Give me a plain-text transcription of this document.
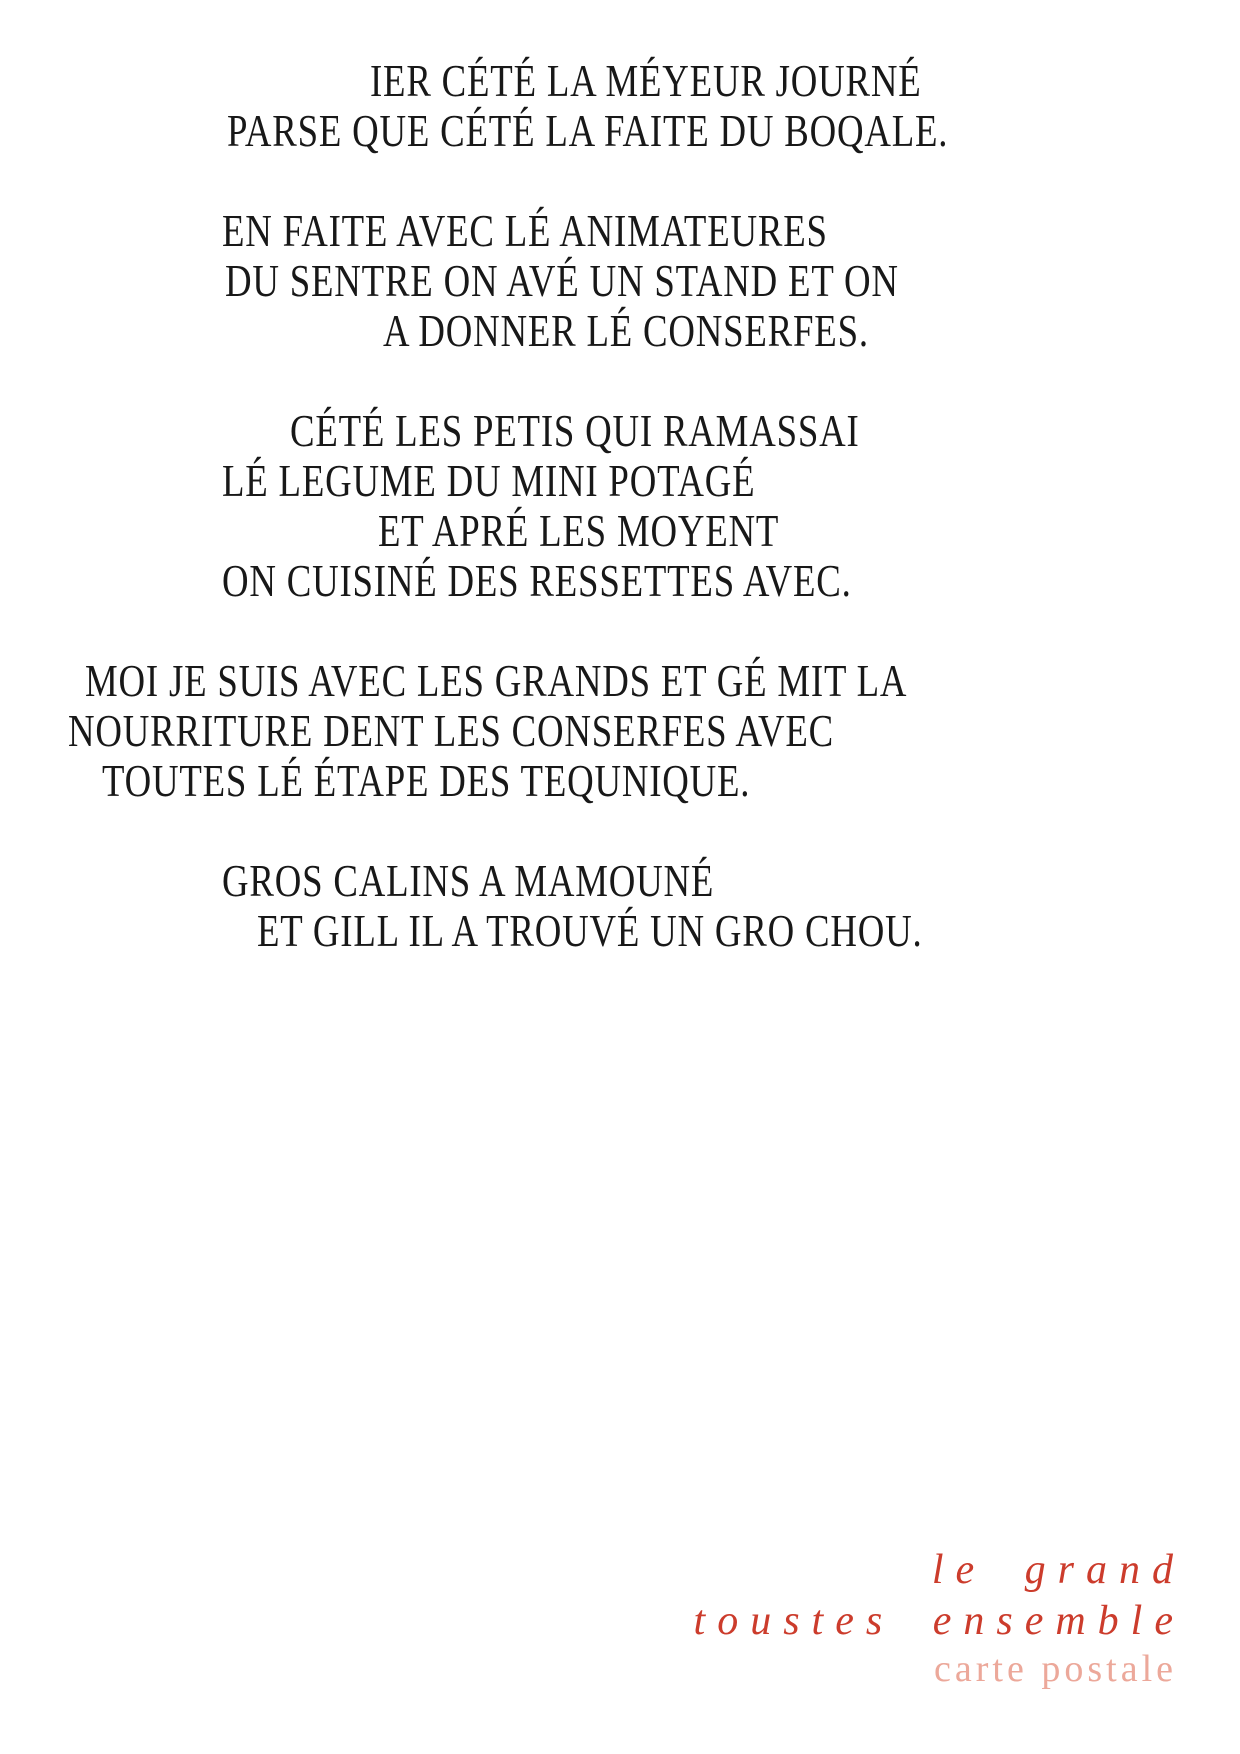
IER CÉTÉ LA MÉYEUR JOURNÉ
PARSE QUE CÉTÉ LA FAITE DU BOQALE.
EN FAITE AVEC LÉ ANIMATEURES
DU SENTRE ON AVÉ UN STAND ET ON
A DONNER LÉ CONSERFES.
CÉTÉ LES PETIS QUI RAMASSAI
LÉ LEGUME DU MINI POTAGÉ
ET APRÉ LES MOYENT
ON CUISINÉ DES RESSETTES AVEC.
MOI JE SUIS AVEC LES GRANDS ET GÉ MIT LA
NOURRITURE DENT LES CONSERFES AVEC
TOUTES LÉ ÉTAPE DES TEQUNIQUE.
GROS CALINS A MAMOUNÉ
ET GILL IL A TROUVÉ UN GRO CHOU.
le grand
toustes ensemble
carte postale
